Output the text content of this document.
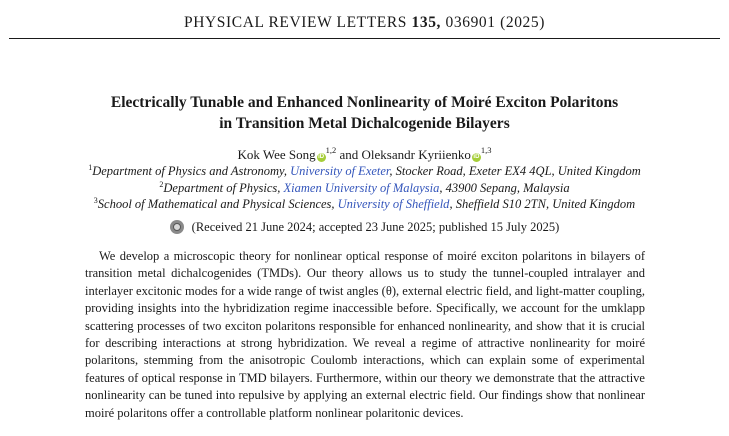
PHYSICAL REVIEW LETTERS 135, 036901 (2025)
Electrically Tunable and Enhanced Nonlinearity of Moiré Exciton Polaritons
in Transition Metal Dichalcogenide Bilayers
Kok Wee Song iD$^{1,2}$ and Oleksandr Kyriienko iD$^{1,3}$
$^1$Department of Physics and Astronomy, University of Exeter, Stocker Road, Exeter EX4 4QL, United Kingdom
$^2$Department of Physics, Xiamen University of Malaysia, 43900 Sepang, Malaysia
$^3$School of Mathematical and Physical Sciences, University of Sheffield, Sheffield S10 2TN, United Kingdom
(Received 21 June 2024; accepted 23 June 2025; published 15 July 2025)

We develop a microscopic theory for nonlinear optical response of moiré exciton polaritons in bilayers of transition metal dichalcogenides (TMDs). Our theory allows us to study the tunnel-coupled intralayer and interlayer excitonic modes for a wide range of twist angles (θ), external electric field, and light-matter coupling, providing insights into the hybridization regime inaccessible before. Specifically, we account for the umklapp scattering processes of two exciton polaritons responsible for enhanced nonlinearity, and show that it is crucial for describing interactions at strong hybridization. We reveal a regime of attractive nonlinearity for moiré polaritons, stemming from the anisotropic Coulomb interactions, which can explain some of experimental features of optical response in TMD bilayers. Furthermore, within our theory we demonstrate that the attractive nonlinearity can be tuned into repulsive by applying an external electric field. Our findings show that nonlinear moiré polaritons offer a controllable platform nonlinear polaritonic devices.
